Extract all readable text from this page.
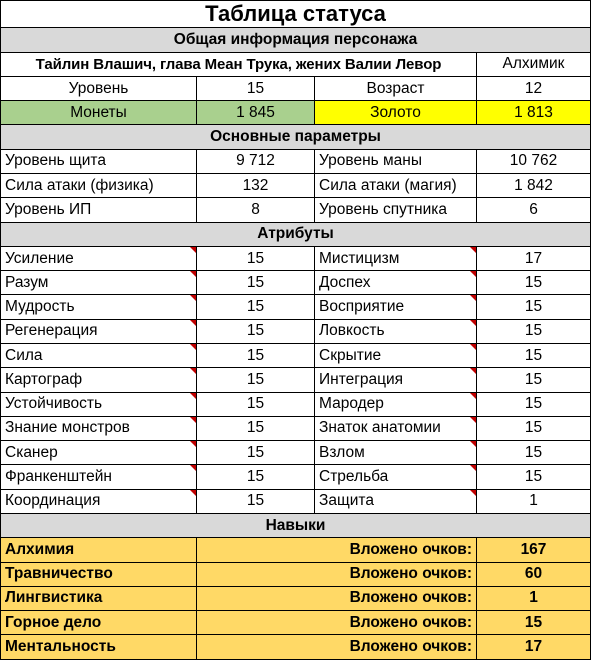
Таблица статуса			
Общая информация персонажа			
Тайлин Влашич, глава Меан Трука, жених Валии Левор			Алхимик
Уровень	15	Возраст	12
Монеты	1 845	Золото	1 813
Основные параметры			
Уровень щита	9 712	Уровень маны	10 762
Сила атаки (физика)	132	Сила атаки (магия)	1 842
Уровень ИП	8	Уровень спутника	6
Атрибуты			
Усиление	15	Мистицизм	17
Разум	15	Доспех	15
Мудрость	15	Восприятие	15
Регенерация	15	Ловкость	15
Сила	15	Скрытие	15
Картограф	15	Интеграция	15
Устойчивость	15	Мародер	15
Знание монстров	15	Знаток анатомии	15
Сканер	15	Взлом	15
Франкенштейн	15	Стрельба	15
Координация	15	Защита	1
Навыки			
Алхимия	Вложено очков:		167
Травничество	Вложено очков:		60
Лингвистика	Вложено очков:		1
Горное дело	Вложено очков:		15
Ментальность	Вложено очков:		17
